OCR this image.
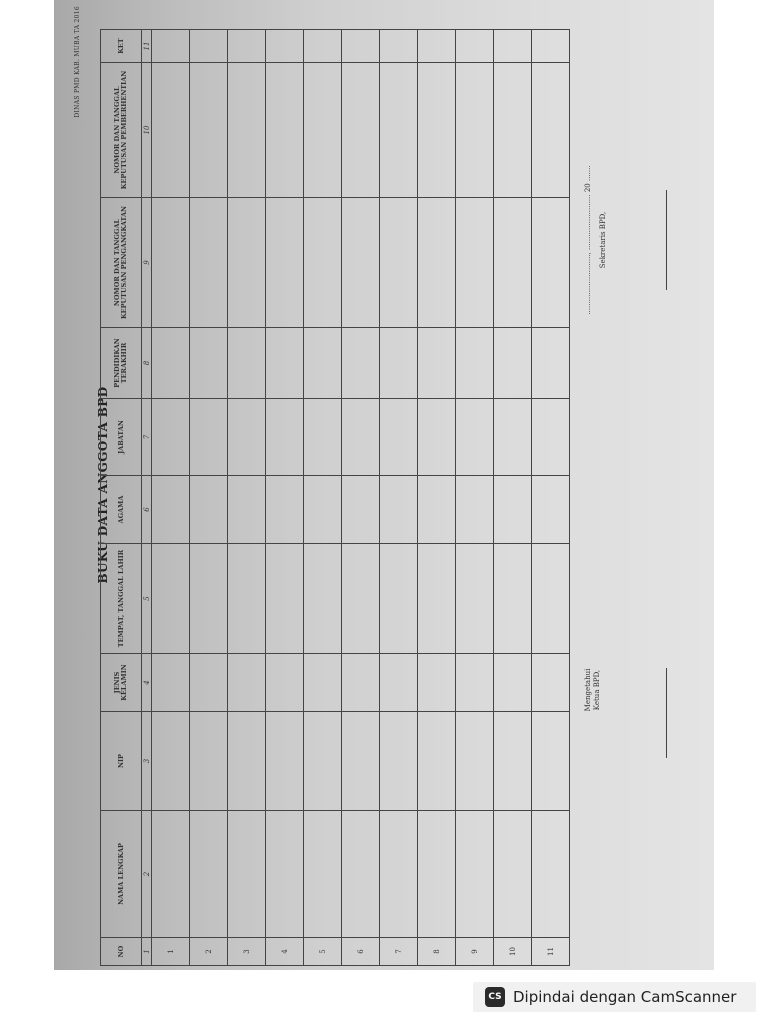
DINAS PMD KAB. MUBA TA 2016
BUKU DATA ANGGOTA BPD
NO	NAMA LENGKAP	NIP	JENIS KELAMIN	TEMPAT, TANGGAL LAHIR	AGAMA	JABATAN	PENDIDIKAN TERAKHIR	NOMOR DAN TANGGAL KEPUTUSAN PENGANGKATAN	NOMOR DAN TANGGAL KEPUTUSAN PEMBERHENTIAN	KET
1	2	3	4	5	6	7	8	9	10	11
1										
2										
3										
4										
5										
6										
7										
8										
9										
10										
11										
Mengetahui Ketua BPD,
..........................., ......................... 20 ....... Sekretaris BPD,
CS Dipindai dengan CamScanner
